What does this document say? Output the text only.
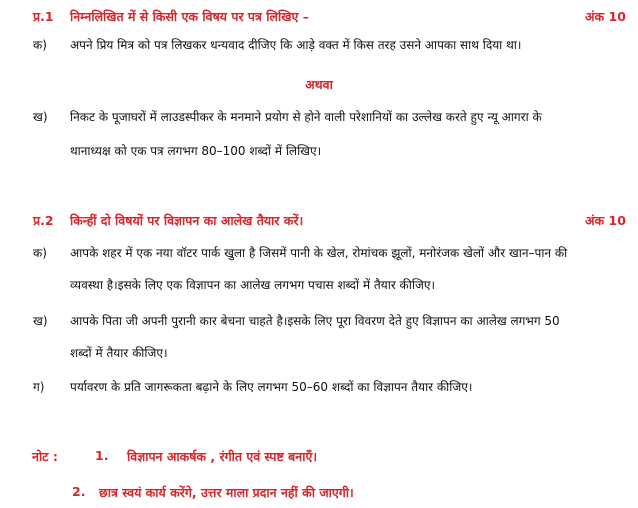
प्र.1 निम्नलिखित में से किसी एक विषय पर पत्र लिखिए –	अंक 10
क) अपने प्रिय मित्र को पत्र लिखकर धन्यवाद दीजिए कि आड़े वक्त में किस तरह उसने आपका साथ दिया था।
अथवा
ख) निकट के पूजाघरों में लाउडस्पीकर के मनमाने प्रयोग से होने वाली परेशानियों का उल्लेख करते हुए न्यू आगरा के
थानाध्यक्ष को एक पत्र लगभग 80–100 शब्दों में लिखिए।
प्र.2 किन्हीं दो विषयों पर विज्ञापन का आलेख तैयार करें।	अंक 10
क) आपके शहर में एक नया वॉटर पार्क खुला है जिसमें पानी के खेल, रोमांचक झूलों, मनोरंजक खेलों और खान–पान की
व्यवस्था है।इसके लिए एक विज्ञापन का आलेख लगभग पचास शब्दों में तैयार कीजिए।
ख) आपके पिता जी अपनी पुरानी कार बेचना चाहते है।इसके लिए पूरा विवरण देते हुए विज्ञापन का आलेख लगभग 50
शब्दों में तैयार कीजिए।
ग) पर्यावरण के प्रति जागरूकता बढ़ाने के लिए लगभग 50–60 शब्दों का विज्ञापन तैयार कीजिए।
नोट :	1. विज्ञापन आकर्षक , रंगीत एवं स्पष्ट बनाएँ।
2. छात्र स्वयं कार्य करेंगे, उत्तर माला प्रदान नहीं की जाएगी।
